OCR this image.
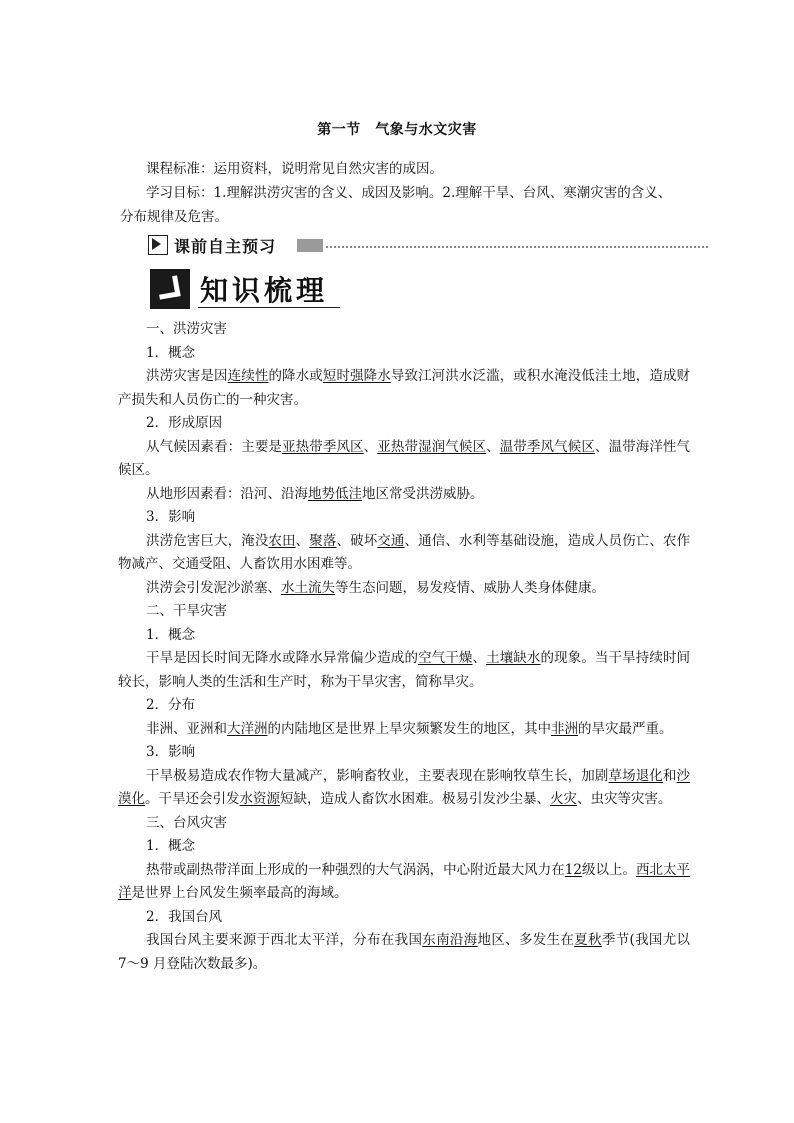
第一节　气象与水文灾害

课程标准：运用资料，说明常见自然灾害的成因。

学习目标：1.理解洪涝灾害的含义、成因及影响。2.理解干旱、台风、寒潮灾害的含义、

分布规律及危害。

课前自主预习
知识梳理

一、洪涝灾害

1．概念

洪涝灾害是因连续性的降水或短时强降水导致江河洪水泛滥，或积水淹没低洼土地，造成财产损失和人员伤亡的一种灾害。

2．形成原因

从气候因素看：主要是亚热带季风区、亚热带湿润气候区、温带季风气候区、温带海洋性气候区。

从地形因素看：沿河、沿海地势低洼地区常受洪涝威胁。

3．影响

洪涝危害巨大，淹没农田、聚落、破坏交通、通信、水利等基础设施，造成人员伤亡、农作物减产、交通受阻、人畜饮用水困难等。

洪涝会引发泥沙淤塞、水土流失等生态问题，易发疫情、威胁人类身体健康。

二、干旱灾害

1．概念

干旱是因长时间无降水或降水异常偏少造成的空气干燥、土壤缺水的现象。当干旱持续时间较长，影响人类的生活和生产时，称为干旱灾害，简称旱灾。

2．分布

非洲、亚洲和大洋洲的内陆地区是世界上旱灾频繁发生的地区，其中非洲的旱灾最严重。

3．影响

干旱极易造成农作物大量减产，影响畜牧业，主要表现在影响牧草生长，加剧草场退化和沙漠化。干旱还会引发水资源短缺，造成人畜饮水困难。极易引发沙尘暴、火灾、虫灾等灾害。

三、台风灾害

1．概念

热带或副热带洋面上形成的一种强烈的大气涡涡，中心附近最大风力在12级以上。西北太平洋是世界上台风发生频率最高的海域。

2．我国台风

我国台风主要来源于西北太平洋，分布在我国东南沿海地区、多发生在夏秋季节(我国尤以 7～9 月登陆次数最多)。
